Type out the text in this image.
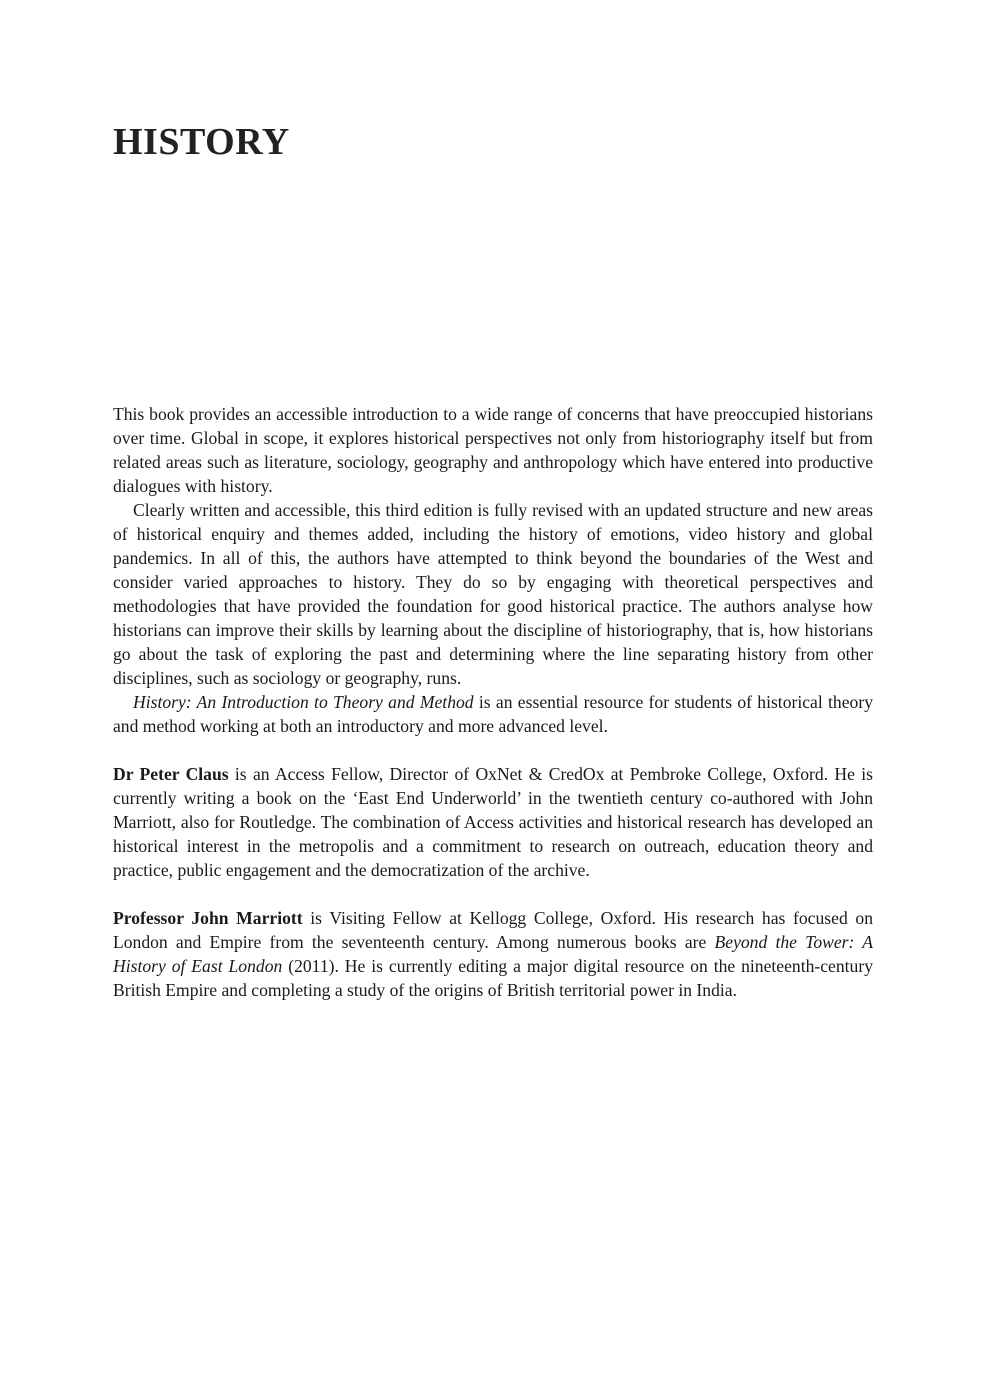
HISTORY

This book provides an accessible introduction to a wide range of concerns that have preoccupied historians over time. Global in scope, it explores historical perspectives not only from historiography itself but from related areas such as literature, sociology, geography and anthropology which have entered into productive dialogues with history.

Clearly written and accessible, this third edition is fully revised with an updated structure and new areas of historical enquiry and themes added, including the history of emotions, video history and global pandemics. In all of this, the authors have attempted to think beyond the boundaries of the West and consider varied approaches to history. They do so by engaging with theoretical perspectives and methodologies that have provided the foundation for good historical practice. The authors analyse how historians can improve their skills by learning about the discipline of historiography, that is, how historians go about the task of exploring the past and determining where the line separating history from other disciplines, such as sociology or geography, runs.

History: An Introduction to Theory and Method is an essential resource for students of historical theory and method working at both an introductory and more advanced level.

Dr Peter Claus is an Access Fellow, Director of OxNet & CredOx at Pembroke College, Oxford. He is currently writing a book on the ‘East End Underworld’ in the twentieth century co-authored with John Marriott, also for Routledge. The combination of Access activities and historical research has developed an historical interest in the metropolis and a commitment to research on outreach, education theory and practice, public engagement and the democratization of the archive.

Professor John Marriott is Visiting Fellow at Kellogg College, Oxford. His research has focused on London and Empire from the seventeenth century. Among numerous books are Beyond the Tower: A History of East London (2011). He is currently editing a major digital resource on the nineteenth-century British Empire and completing a study of the origins of British territorial power in India.
